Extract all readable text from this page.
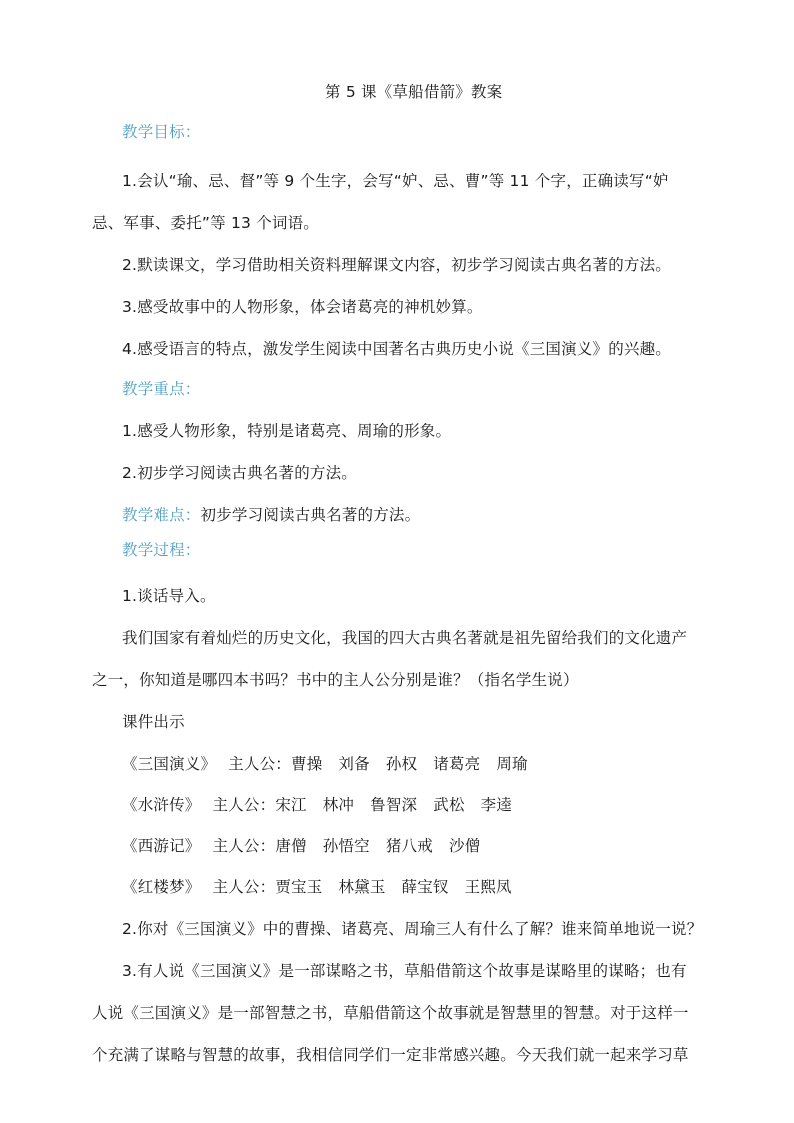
第 5 课《草船借箭》教案
教学目标：
1.会认“瑜、忌、督”等 9 个生字，会写“妒、忌、曹”等 11 个字，正确读写“妒
忌、军事、委托”等 13 个词语。
2.默读课文，学习借助相关资料理解课文内容，初步学习阅读古典名著的方法。
3.感受故事中的人物形象，体会诸葛亮的神机妙算。
4.感受语言的特点，激发学生阅读中国著名古典历史小说《三国演义》的兴趣。
教学重点：
1.感受人物形象，特别是诸葛亮、周瑜的形象。
2.初步学习阅读古典名著的方法。
教学难点：初步学习阅读古典名著的方法。
教学过程：
1.谈话导入。
我们国家有着灿烂的历史文化，我国的四大古典名著就是祖先留给我们的文化遗产
之一，你知道是哪四本书吗？书中的主人公分别是谁？（指名学生说）
课件出示
《三国演义》 主人公：曹操 刘备 孙权 诸葛亮 周瑜
《水浒传》 主人公：宋江 林冲 鲁智深 武松 李逵
《西游记》 主人公：唐僧 孙悟空 猪八戒 沙僧
《红楼梦》 主人公：贾宝玉 林黛玉 薛宝钗 王熙凤
2.你对《三国演义》中的曹操、诸葛亮、周瑜三人有什么了解？谁来简单地说一说？
3.有人说《三国演义》是一部谋略之书，草船借箭这个故事是谋略里的谋略；也有
人说《三国演义》是一部智慧之书，草船借箭这个故事就是智慧里的智慧。对于这样一
个充满了谋略与智慧的故事，我相信同学们一定非常感兴趣。今天我们就一起来学习草
